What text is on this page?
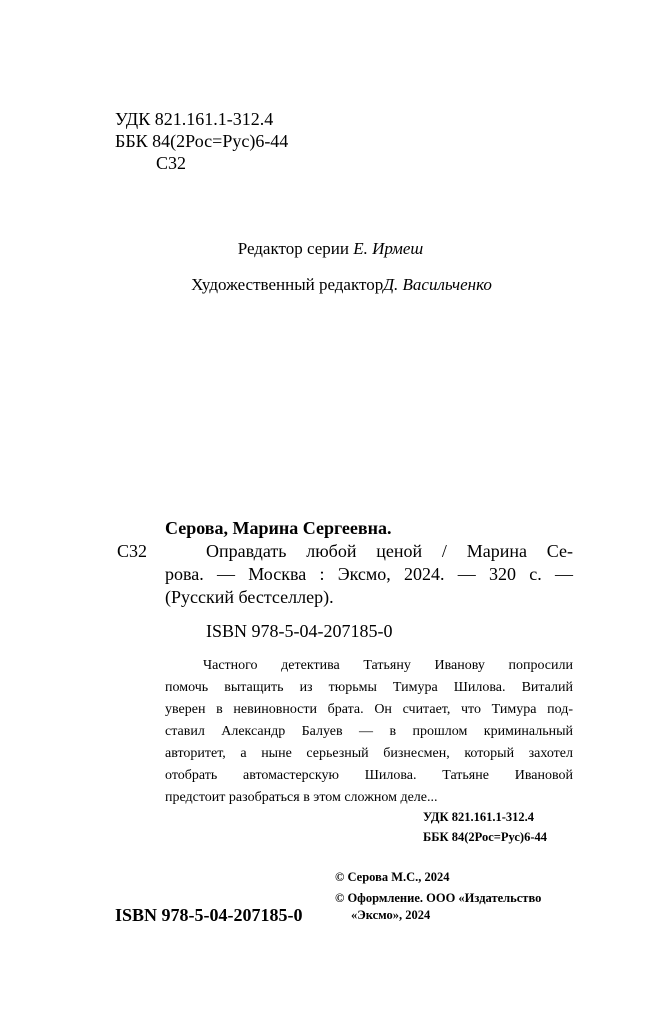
УДК 821.161.1-312.4
ББК 84(2Рос=Рус)6-44
С32
Редактор серии Е. Ирмеш
Художественный редакторД. Васильченко
Серова, Марина Сергеевна.
С32	Оправдать любой ценой / Марина Се-
рова. — Москва : Эксмо, 2024. — 320 с. —
(Русский бестселлер).
ISBN 978-5-04-207185-0
Частного детектива Татьяну Иванову попросили
помочь вытащить из тюрьмы Тимура Шилова. Виталий
уверен в невиновности брата. Он считает, что Тимура под-
ставил Александр Балуев — в прошлом криминальный
авторитет, а ныне серьезный бизнесмен, который захотел
отобрать автомастерскую Шилова. Татьяне Ивановой
предстоит разобраться в этом сложном деле...
УДК 821.161.1-312.4
ББК 84(2Рос=Рус)6-44
© Серова М.С., 2024
© Оформление. ООО «Издательство
«Эксмо», 2024
ISBN 978-5-04-207185-0
